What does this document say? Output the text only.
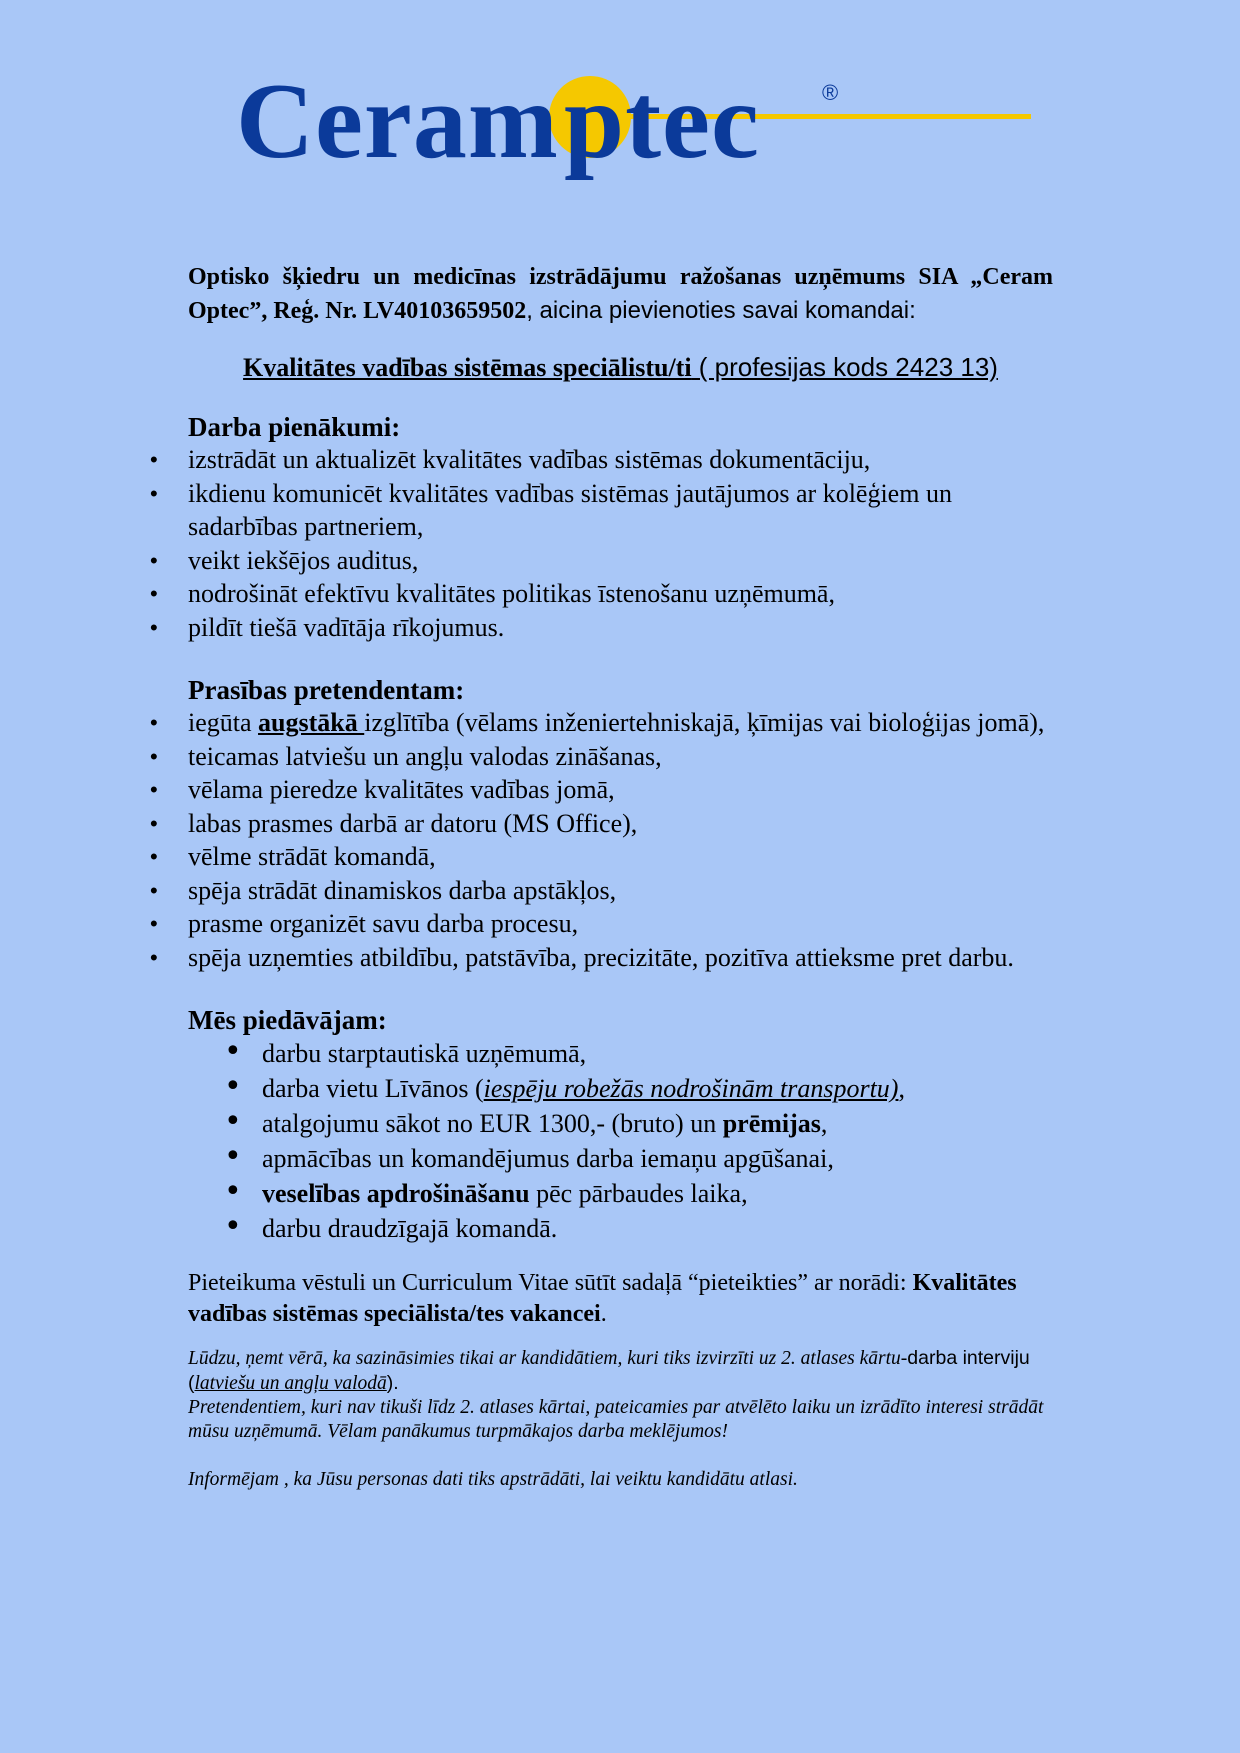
Ceram ptec	®

Optisko šķiedru un medicīnas izstrādājumu ražošanas uzņēmums SIA „Ceram Optec”, Reģ. Nr. LV40103659502, aicina pievienoties savai komandai:

Kvalitātes vadības sistēmas speciālistu/ti ( profesijas kods 2423 13)

Darba pienākumi:
• izstrādāt un aktualizēt kvalitātes vadības sistēmas dokumentāciju,
• ikdienu komunicēt kvalitātes vadības sistēmas jautājumos ar kolēģiem un sadarbības partneriem,
• veikt iekšējos auditus,
• nodrošināt efektīvu kvalitātes politikas īstenošanu uzņēmumā,
• pildīt tiešā vadītāja rīkojumus.
Prasības pretendentam:
• iegūta augstākā izglītība (vēlams inženiertehniskajā, ķīmijas vai bioloģijas jomā),
• teicamas latviešu un angļu valodas zināšanas,
• vēlama pieredze kvalitātes vadības jomā,
• labas prasmes darbā ar datoru (MS Office),
• vēlme strādāt komandā,
• spēja strādāt dinamiskos darba apstākļos,
• prasme organizēt savu darba procesu,
• spēja uzņemties atbildību, patstāvība, precizitāte, pozitīva attieksme pret darbu.
Mēs piedāvājam:
• darbu starptautiskā uzņēmumā,
• darba vietu Līvānos (iespēju robežās nodrošinām transportu),
• atalgojumu sākot no EUR 1300,- (bruto) un prēmijas,
• apmācības un komandējumus darba iemaņu apgūšanai,
• veselības apdrošināšanu pēc pārbaudes laika,
• darbu draudzīgajā komandā.

Pieteikuma vēstuli un Curriculum Vitae sūtīt sadaļā “pieteikties” ar norādi: Kvalitātes vadības sistēmas speciālista/tes vakancei.

Lūdzu, ņemt vērā, ka sazināsimies tikai ar kandidātiem, kuri tiks izvirzīti uz 2. atlases kārtu-darba interviju (latviešu un angļu valodā).
Pretendentiem, kuri nav tikuši līdz 2. atlases kārtai, pateicamies par atvēlēto laiku un izrādīto interesi strādāt mūsu uzņēmumā. Vēlam panākumus turpmākajos darba meklējumos!

Informējam , ka Jūsu personas dati tiks apstrādāti, lai veiktu kandidātu atlasi.
